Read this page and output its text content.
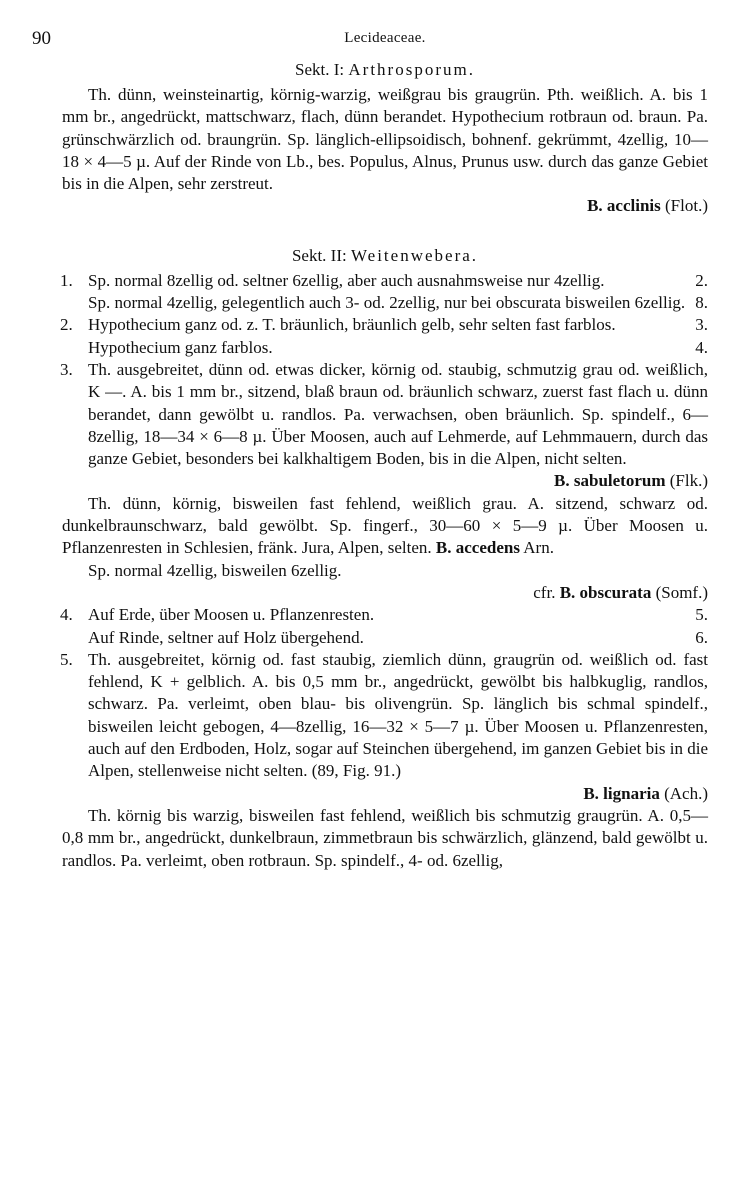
90	Lecideaceae.
Sekt. I: Arthrosporum.

Th. dünn, weinsteinartig, körnig-warzig, weißgrau bis graugrün. Pth. weißlich. A. bis 1 mm br., angedrückt, mattschwarz, flach, dünn berandet. Hypothecium rotbraun od. braun. Pa. grünschwärzlich od. braungrün. Sp. länglich-ellipsoidisch, bohnenf. gekrümmt, 4zellig, 10—18 × 4—5 µ. Auf der Rinde von Lb., bes. Populus, Alnus, Prunus usw. durch das ganze Gebiet bis in die Alpen, sehr zerstreut.

B. acclinis (Flot.)

Sekt. II: Weitenwebera.
1. Sp. normal 8zellig od. seltner 6zellig, aber auch ausnahmsweise nur 4zellig.	2.
Sp. normal 4zellig, gelegentlich auch 3- od. 2zellig, nur bei obscurata bisweilen 6zellig. 8.
2. Hypothecium ganz od. z. T. bräunlich, bräunlich gelb, sehr selten fast farblos.	3.
Hypothecium ganz farblos.	4.
3. Th. ausgebreitet, dünn od. etwas dicker, körnig od. staubig, schmutzig grau od. weißlich, K —. A. bis 1 mm br., sitzend, blaß braun od. bräunlich schwarz, zuerst fast flach u. dünn berandet, dann gewölbt u. randlos. Pa. verwachsen, oben bräunlich. Sp. spindelf., 6—8zellig, 18—34 × 6—8 µ. Über Moosen, auch auf Lehmerde, auf Lehmmauern, durch das ganze Gebiet, besonders bei kalkhaltigem Boden, bis in die Alpen, nicht selten.

B. sabuletorum (Flk.)

Th. dünn, körnig, bisweilen fast fehlend, weißlich grau. A. sitzend, schwarz od. dunkelbraunschwarz, bald gewölbt. Sp. fingerf., 30—60 × 5—9 µ. Über Moosen u. Pflanzenresten in Schlesien, fränk. Jura, Alpen, selten. B. accedens Arn.

Sp. normal 4zellig, bisweilen 6zellig.

cfr. B. obscurata (Somf.)

4. Auf Erde, über Moosen u. Pflanzenresten.	5.
Auf Rinde, seltner auf Holz übergehend.	6.
5. Th. ausgebreitet, körnig od. fast staubig, ziemlich dünn, graugrün od. weißlich od. fast fehlend, K + gelblich. A. bis 0,5 mm br., angedrückt, gewölbt bis halbkuglig, randlos, schwarz. Pa. verleimt, oben blau- bis olivengrün. Sp. länglich bis schmal spindelf., bisweilen leicht gebogen, 4—8zellig, 16—32 × 5—7 µ. Über Moosen u. Pflanzenresten, auch auf den Erdboden, Holz, sogar auf Steinchen übergehend, im ganzen Gebiet bis in die Alpen, stellenweise nicht selten. (89, Fig. 91.)

B. lignaria (Ach.)

Th. körnig bis warzig, bisweilen fast fehlend, weißlich bis schmutzig graugrün. A. 0,5—0,8 mm br., angedrückt, dunkelbraun, zimmetbraun bis schwärzlich, glänzend, bald gewölbt u. randlos. Pa. verleimt, oben rotbraun. Sp. spindelf., 4- od. 6zellig,
